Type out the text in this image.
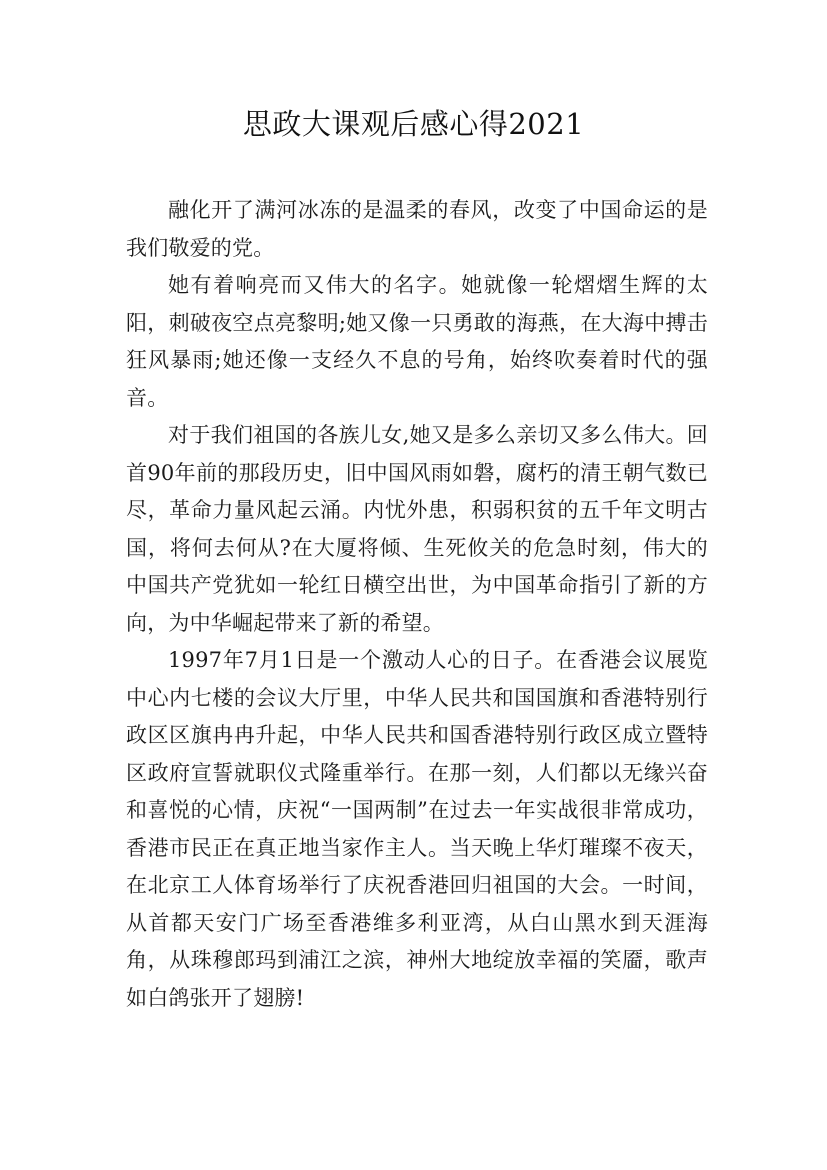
思政大课观后感心得2021

融化开了满河冰冻的是温柔的春风，改变了中国命运的是我们敬爱的党。

她有着响亮而又伟大的名字。她就像一轮熠熠生辉的太阳，刺破夜空点亮黎明;她又像一只勇敢的海燕，在大海中搏击狂风暴雨;她还像一支经久不息的号角，始终吹奏着时代的强音。

对于我们祖国的各族儿女,她又是多么亲切又多么伟大。回首90年前的那段历史，旧中国风雨如磐，腐朽的清王朝气数已尽，革命力量风起云涌。内忧外患，积弱积贫的五千年文明古国，将何去何从?在大厦将倾、生死攸关的危急时刻，伟大的中国共产党犹如一轮红日横空出世，为中国革命指引了新的方向，为中华崛起带来了新的希望。

1997年7月1日是一个激动人心的日子。在香港会议展览中心内七楼的会议大厅里，中华人民共和国国旗和香港特别行政区区旗冉冉升起，中华人民共和国香港特别行政区成立暨特区政府宣誓就职仪式隆重举行。在那一刻，人们都以无缘兴奋和喜悦的心情，庆祝“一国两制”在过去一年实战很非常成功，香港市民正在真正地当家作主人。当天晚上华灯璀璨不夜天，在北京工人体育场举行了庆祝香港回归祖国的大会。一时间，从首都天安门广场至香港维多利亚湾，从白山黑水到天涯海角，从珠穆郎玛到浦江之滨，神州大地绽放幸福的笑靥，歌声如白鸽张开了翅膀!
